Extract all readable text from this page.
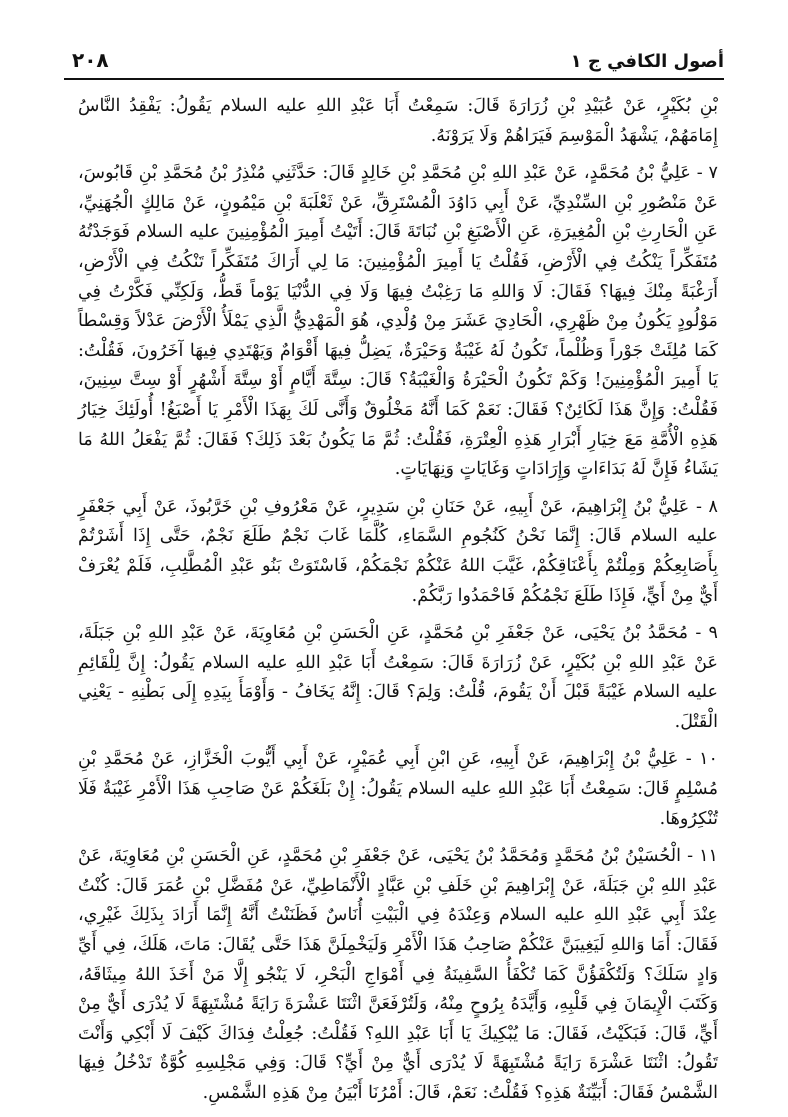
٢٠٨	أصول الكافي ج ١

بْنِ بُكَيْرٍ، عَنْ عُبَيْدِ بْنِ زُرَارَةَ قَالَ: سَمِعْتُ أَبَا عَبْدِ اللهِ عليه السلام يَقُولُ: يَفْقِدُ النَّاسُ إِمَامَهُمْ، يَشْهَدُ الْمَوْسِمَ فَيَرَاهُمْ وَلَا يَرَوْنَهُ.

٧ - عَلِيُّ بْنُ مُحَمَّدٍ، عَنْ عَبْدِ اللهِ بْنِ مُحَمَّدِ بْنِ خَالِدٍ قَالَ: حَدَّثَنِي مُنْذِرُ بْنُ مُحَمَّدِ بْنِ قَابُوسَ، عَنْ مَنْصُورِ بْنِ السِّنْدِيِّ، عَنْ أَبِي دَاوُدَ الْمُسْتَرِقِّ، عَنْ ثَعْلَبَةَ بْنِ مَيْمُونٍ، عَنْ مَالِكٍ الْجُهَنِيِّ، عَنِ الْحَارِثِ بْنِ الْمُغِيرَةِ، عَنِ الْأَصْبَغِ بْنِ نُبَاتَةَ قَالَ: أَتَيْتُ أَمِيرَ الْمُؤْمِنِينَ عليه السلام فَوَجَدْتُهُ مُتَفَكِّراً يَنْكُتُ فِي الْأَرْضِ، فَقُلْتُ يَا أَمِيرَ الْمُؤْمِنِينَ: مَا لِي أَرَاكَ مُتَفَكِّراً تَنْكُتُ فِي الْأَرْضِ، أَرَغْبَةً مِنْكَ فِيهَا؟ فَقَالَ: لَا وَاللهِ مَا رَغِبْتُ فِيهَا وَلَا فِي الدُّنْيَا يَوْماً قَطُّ، وَلَكِنِّي فَكَّرْتُ فِي مَوْلُودٍ يَكُونُ مِنْ ظَهْرِي، الْحَادِيَ عَشَرَ مِنْ وُلْدِي، هُوَ الْمَهْدِيُّ الَّذِي يَمْلَأُ الْأَرْضَ عَدْلاً وَقِسْطاً كَمَا مُلِئَتْ جَوْراً وَظُلْماً، تَكُونُ لَهُ غَيْبَةٌ وَحَيْرَةٌ، يَضِلُّ فِيهَا أَقْوَامٌ وَيَهْتَدِي فِيهَا آخَرُونَ، فَقُلْتُ: يَا أَمِيرَ الْمُؤْمِنِينَ! وَكَمْ تَكُونُ الْحَيْرَةُ وَالْغَيْبَةُ؟ قَالَ: سِتَّةَ أَيَّامٍ أَوْ سِتَّةَ أَشْهُرٍ أَوْ سِتَّ سِنِينَ، فَقُلْتُ: وَإِنَّ هَذَا لَكَائِنٌ؟ فَقَالَ: نَعَمْ كَمَا أَنَّهُ مَخْلُوقٌ وَأَنَّى لَكَ بِهَذَا الْأَمْرِ يَا أَصْبَغُ! أُولَئِكَ خِيَارُ هَذِهِ الْأُمَّةِ مَعَ خِيَارِ أَبْرَارِ هَذِهِ الْعِتْرَةِ، فَقُلْتُ: ثُمَّ مَا يَكُونُ بَعْدَ ذَلِكَ؟ فَقَالَ: ثُمَّ يَفْعَلُ اللهُ مَا يَشَاءُ فَإِنَّ لَهُ بَدَاءَاتٍ وَإِرَادَاتٍ وَغَايَاتٍ وَنِهَايَاتٍ.

٨ - عَلِيُّ بْنُ إِبْرَاهِيمَ، عَنْ أَبِيهِ، عَنْ حَنَانِ بْنِ سَدِيرٍ، عَنْ مَعْرُوفِ بْنِ خَرَّبُوذَ، عَنْ أَبِي جَعْفَرٍ عليه السلام قَالَ: إِنَّمَا نَحْنُ كَنُجُومِ السَّمَاءِ، كُلَّمَا غَابَ نَجْمٌ طَلَعَ نَجْمٌ، حَتَّى إِذَا أَشَرْتُمْ بِأَصَابِعِكُمْ وَمِلْتُمْ بِأَعْنَاقِكُمْ، غَيَّبَ اللهُ عَنْكُمْ نَجْمَكُمْ، فَاسْتَوَتْ بَنُو عَبْدِ الْمُطَّلِبِ، فَلَمْ يُعْرَفْ أَيٌّ مِنْ أَيٍّ، فَإِذَا طَلَعَ نَجْمُكُمْ فَاحْمَدُوا رَبَّكُمْ.

٩ - مُحَمَّدُ بْنُ يَحْيَى، عَنْ جَعْفَرِ بْنِ مُحَمَّدٍ، عَنِ الْحَسَنِ بْنِ مُعَاوِيَةَ، عَنْ عَبْدِ اللهِ بْنِ جَبَلَةَ، عَنْ عَبْدِ اللهِ بْنِ بُكَيْرٍ، عَنْ زُرَارَةَ قَالَ: سَمِعْتُ أَبَا عَبْدِ اللهِ عليه السلام يَقُولُ: إِنَّ لِلْقَائِمِ عليه السلام غَيْبَةً قَبْلَ أَنْ يَقُومَ، قُلْتُ: وَلِمَ؟ قَالَ: إِنَّهُ يَخَافُ - وَأَوْمَأَ بِيَدِهِ إِلَى بَطْنِهِ - يَعْنِي الْقَتْلَ.

١٠ - عَلِيُّ بْنُ إِبْرَاهِيمَ، عَنْ أَبِيهِ، عَنِ ابْنِ أَبِي عُمَيْرٍ، عَنْ أَبِي أَيُّوبَ الْخَزَّازِ، عَنْ مُحَمَّدِ بْنِ مُسْلِمٍ قَالَ: سَمِعْتُ أَبَا عَبْدِ اللهِ عليه السلام يَقُولُ: إِنْ بَلَغَكُمْ عَنْ صَاحِبِ هَذَا الْأَمْرِ غَيْبَةٌ فَلَا تُنْكِرُوهَا.

١١ - الْحُسَيْنُ بْنُ مُحَمَّدٍ وَمُحَمَّدُ بْنُ يَحْيَى، عَنْ جَعْفَرِ بْنِ مُحَمَّدٍ، عَنِ الْحَسَنِ بْنِ مُعَاوِيَةَ، عَنْ عَبْدِ اللهِ بْنِ جَبَلَةَ، عَنْ إِبْرَاهِيمَ بْنِ خَلَفِ بْنِ عَبَّادٍ الْأَنْمَاطِيِّ، عَنْ مُفَضَّلِ بْنِ عُمَرَ قَالَ: كُنْتُ عِنْدَ أَبِي عَبْدِ اللهِ عليه السلام وَعِنْدَهُ فِي الْبَيْتِ أُنَاسٌ فَظَنَنْتُ أَنَّهُ إِنَّمَا أَرَادَ بِذَلِكَ غَيْرِي، فَقَالَ: أَمَا وَاللهِ لَيَغِيبَنَّ عَنْكُمْ صَاحِبُ هَذَا الْأَمْرِ وَلَيَخْمِلَنَّ هَذَا حَتَّى يُقَالَ: مَاتَ، هَلَكَ، فِي أَيِّ وَادٍ سَلَكَ؟ وَلَتُكْفَؤُنَّ كَمَا تُكْفَأُ السَّفِينَةُ فِي أَمْوَاجِ الْبَحْرِ، لَا يَنْجُو إِلَّا مَنْ أَخَذَ اللهُ مِيثَاقَهُ، وَكَتَبَ الْإِيمَانَ فِي قَلْبِهِ، وَأَيَّدَهُ بِرُوحٍ مِنْهُ، وَلَتُرْفَعَنَّ اثْنَتَا عَشْرَةَ رَايَةً مُشْتَبِهَةً لَا يُدْرَى أَيٌّ مِنْ أَيٍّ، قَالَ: فَبَكَيْتُ، فَقَالَ: مَا يُبْكِيكَ يَا أَبَا عَبْدِ اللهِ؟ فَقُلْتُ: جُعِلْتُ فِدَاكَ كَيْفَ لَا أَبْكِي وَأَنْتَ تَقُولُ: اثْنَتَا عَشْرَةَ رَايَةً مُشْتَبِهَةً لَا يُدْرَى أَيٌّ مِنْ أَيٍّ؟ قَالَ: وَفِي مَجْلِسِهِ كُوَّةٌ تَدْخُلُ فِيهَا الشَّمْسُ فَقَالَ: أَبَيِّنَةٌ هَذِهِ؟ فَقُلْتُ: نَعَمْ، قَالَ: أَمْرُنَا أَبْيَنُ مِنْ هَذِهِ الشَّمْسِ.
